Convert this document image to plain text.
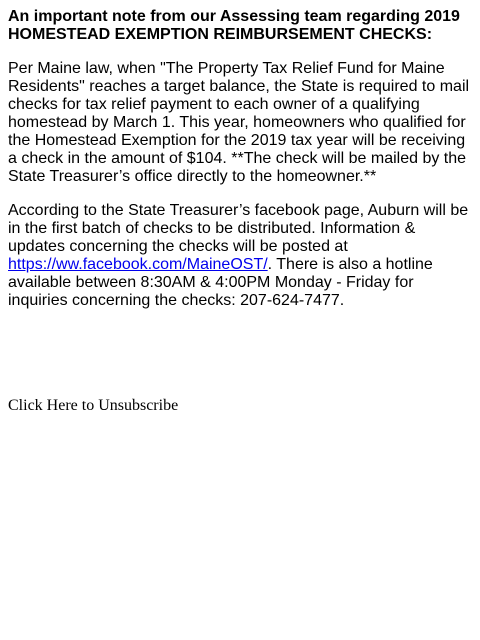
An important note from our Assessing team regarding 2019 HOMESTEAD EXEMPTION REIMBURSEMENT CHECKS:

Per Maine law, when "The Property Tax Relief Fund for Maine Residents" reaches a target balance, the State is required to mail checks for tax relief payment to each owner of a qualifying homestead by March 1. This year, homeowners who qualified for the Homestead Exemption for the 2019 tax year will be receiving a check in the amount of $104. **The check will be mailed by the State Treasurer’s office directly to the homeowner.**

According to the State Treasurer’s facebook page, Auburn will be in the first batch of checks to be distributed. Information & updates concerning the checks will be posted at https://ww.facebook.com/MaineOST/. There is also a hotline available between 8:30AM & 4:00PM Monday - Friday for inquiries concerning the checks: 207-624-7477.

Click Here to Unsubscribe
